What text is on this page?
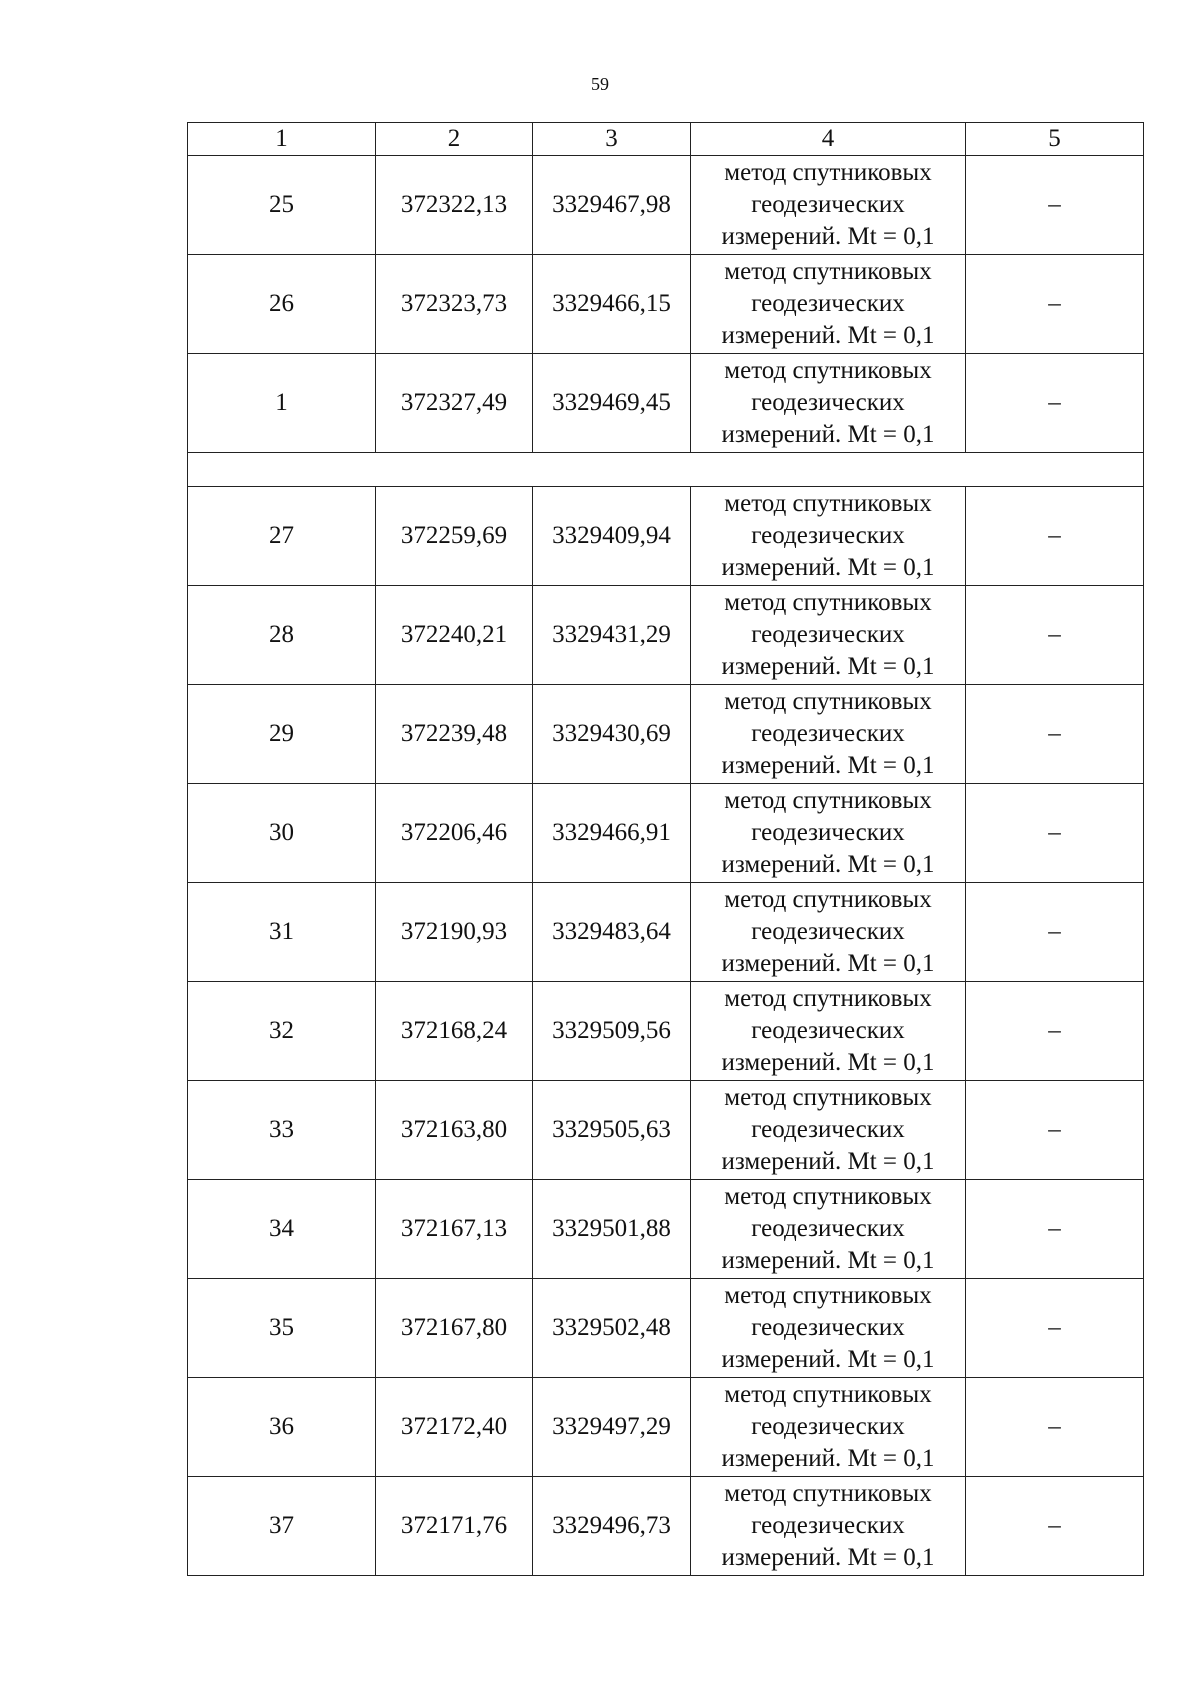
59
1	2	3	4	5
25	372322,13	3329467,98	метод спутниковых
геодезических
измерений. Mt = 0,1	–
26	372323,73	3329466,15	метод спутниковых
геодезических
измерений. Mt = 0,1	–
1	372327,49	3329469,45	метод спутниковых
геодезических
измерений. Mt = 0,1	–

27	372259,69	3329409,94	метод спутниковых
геодезических
измерений. Mt = 0,1	–
28	372240,21	3329431,29	метод спутниковых
геодезических
измерений. Mt = 0,1	–
29	372239,48	3329430,69	метод спутниковых
геодезических
измерений. Mt = 0,1	–
30	372206,46	3329466,91	метод спутниковых
геодезических
измерений. Mt = 0,1	–
31	372190,93	3329483,64	метод спутниковых
геодезических
измерений. Mt = 0,1	–
32	372168,24	3329509,56	метод спутниковых
геодезических
измерений. Mt = 0,1	–
33	372163,80	3329505,63	метод спутниковых
геодезических
измерений. Mt = 0,1	–
34	372167,13	3329501,88	метод спутниковых
геодезических
измерений. Mt = 0,1	–
35	372167,80	3329502,48	метод спутниковых
геодезических
измерений. Mt = 0,1	–
36	372172,40	3329497,29	метод спутниковых
геодезических
измерений. Mt = 0,1	–
37	372171,76	3329496,73	метод спутниковых
геодезических
измерений. Mt = 0,1	–
